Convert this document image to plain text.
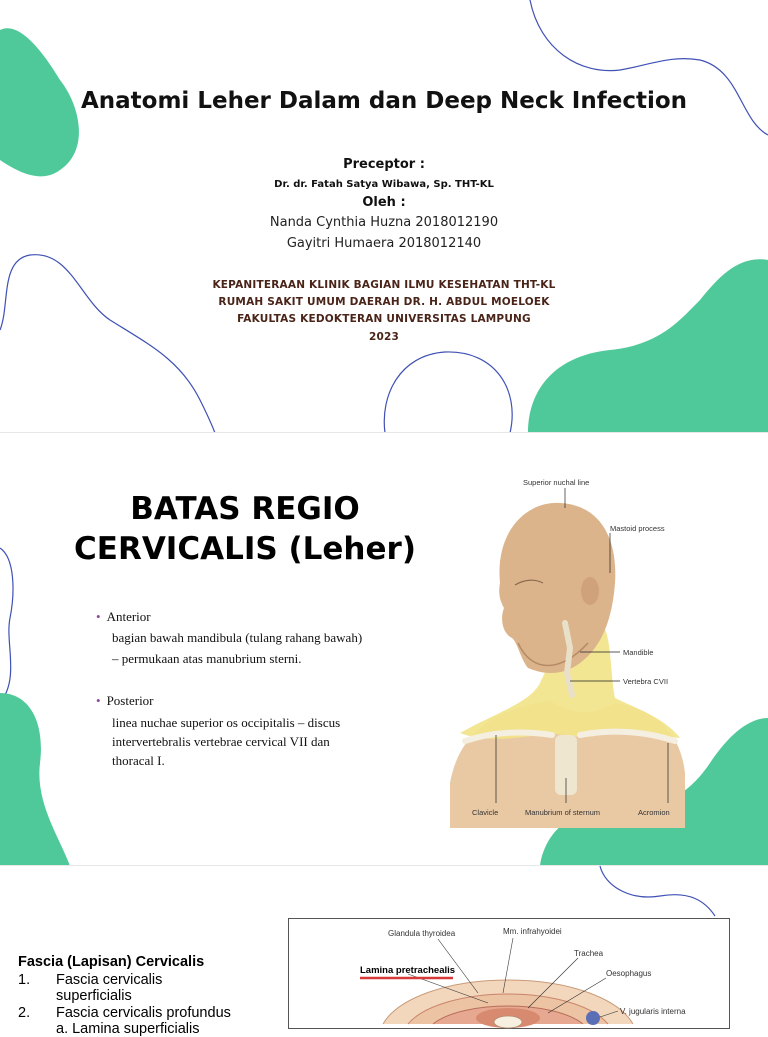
Anatomi Leher Dalam dan Deep Neck Infection
Preceptor :
Dr. dr. Fatah Satya Wibawa, Sp. THT-KL
Oleh :
Nanda Cynthia Huzna 2018012190
Gayitri Humaera 2018012140
KEPANITERAAN KLINIK BAGIAN ILMU KESEHATAN THT-KL
RUMAH SAKIT UMUM DAERAH DR. H. ABDUL MOELOEK
FAKULTAS KEDOKTERAN UNIVERSITAS LAMPUNG
2023
BATAS REGIO
CERVICALIS (Leher)
• Anterior
bagian bawah mandibula (tulang rahang bawah)
– permukaan atas manubrium sterni.
• Posterior
linea nuchae superior os occipitalis – discus
intervertebralis vertebrae cervical VII dan
thoracal I.
Superior nuchal line
Mastoid process
Mandible
Vertebra CVII
Clavicle	Manubrium of sternum	Acromion
Fascia (Lapisan) Cervicalis
1. Fascia cervicalis
superficialis
2. Fascia cervicalis profundus
a. Lamina superficialis
Glandula thyroidea	Mm. infrahyoidei
Trachea
Lamina pretrachealis	Oesophagus
V. jugularis interna
